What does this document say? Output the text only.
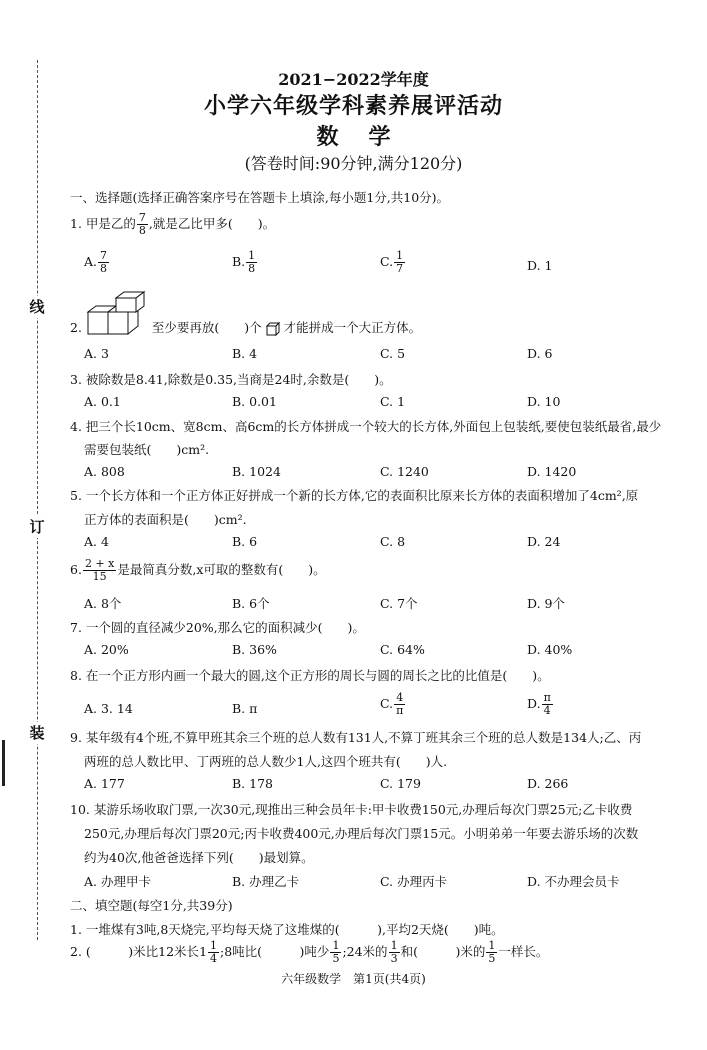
线
订
装
2021−2022学年度
小学六年级学科素养展评活动
数 学
(答卷时间:90分钟,满分120分)
一、选择题(选择正确答案序号在答题卡上填涂,每小题1分,共10分)。
1. 甲是乙的 $\frac{7}{8}$ ,就是乙比甲多(　　)。
A. $\frac{7}{8}$	B. $\frac{1}{8}$	C. $\frac{1}{7}$	D. 1
2.	至少要再放(　　)个 才能拼成一个大正方体。
A. 3	B. 4	C. 5	D. 6
3. 被除数是8.41,除数是0.35,当商是24时,余数是(　　)。
A. 0.1	B. 0.01	C. 1	D. 10
4. 把三个长10cm、宽8cm、高6cm的长方体拼成一个较大的长方体,外面包上包装纸,要使包装纸最省,最少
需要包装纸(　　)cm².
A. 808	B. 1024	C. 1240	D. 1420
5. 一个长方体和一个正方体正好拼成一个新的长方体,它的表面积比原来长方体的表面积增加了4cm²,原
正方体的表面积是(　　)cm².
A. 4	B. 6	C. 8	D. 24
6. $\frac{2 + x}{15}$ 是最简真分数,x可取的整数有(　　)。
A. 8个	B. 6个	C. 7个	D. 9个
7. 一个圆的直径减少20%,那么它的面积减少(　　)。
A. 20%	B. 36%	C. 64%	D. 40%
8. 在一个正方形内画一个最大的圆,这个正方形的周长与圆的周长之比的比值是(　　)。
A. 3. 14	B. π	C. $\frac{4}{\pi}$	D. $\frac{\pi}{4}$
9. 某年级有4个班,不算甲班其余三个班的总人数有131人,不算丁班其余三个班的总人数是134人;乙、丙
两班的总人数比甲、丁两班的总人数少1人,这四个班共有(　　)人.
A. 177	B. 178	C. 179	D. 266
10. 某游乐场收取门票,一次30元,现推出三种会员年卡:甲卡收费150元,办理后每次门票25元;乙卡收费
250元,办理后每次门票20元;丙卡收费400元,办理后每次门票15元。小明弟弟一年要去游乐场的次数
约为40次,他爸爸选择下列(　　)最划算。
A. 办理甲卡	B. 办理乙卡	C. 办理丙卡	D. 不办理会员卡
二、填空题(每空1分,共39分)
1. 一堆煤有3吨,8天烧完,平均每天烧了这堆煤的(　　　),平均2天烧(　　)吨。
2. (　　　)米比12米长$1 \frac{1}{4}$ ;8吨比(　　　)吨少 $\frac{1}{5}$ ;24米的 $\frac{1}{3}$ 和(　　　)米的 $\frac{1}{5}$ 一样长。
六年级数学　第1页(共4页)
